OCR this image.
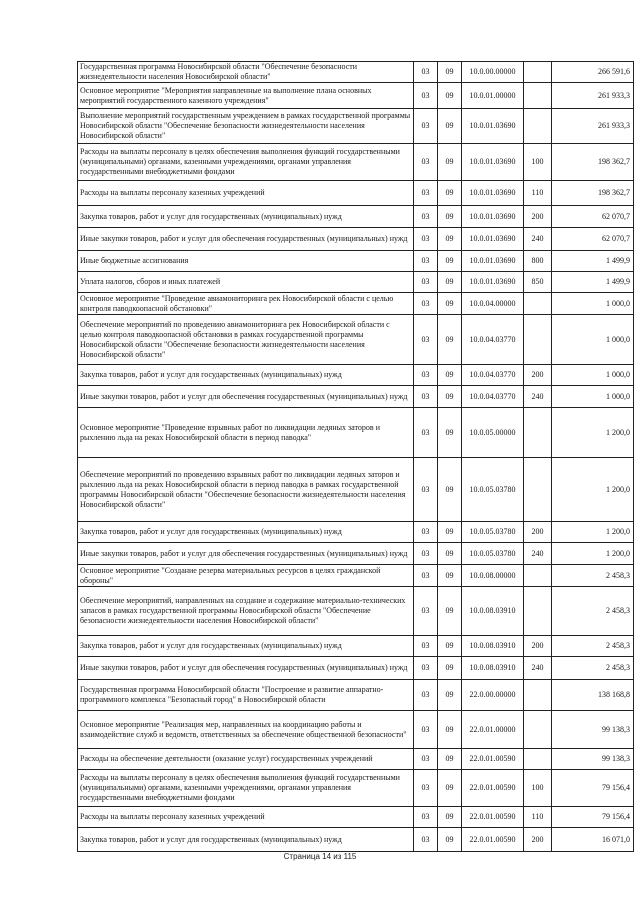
Государственная программа Новосибирской области "Обеспечение безопасности жизнедеятельности населения Новосибирской области"	03	09	10.0.00.00000		266 591,6
Основное мероприятие "Мероприятия направленные на выполнение плана основных мероприятий государственного казенного учреждения"	03	09	10.0.01.00000		261 933,3
Выполнение мероприятий государственным учреждением в рамках государственной программы Новосибирской области "Обеспечение безопасности жизнедеятельности населения Новосибирской области"	03	09	10.0.01.03690		261 933,3
Расходы на выплаты персоналу в целях обеспечения выполнения функций государственными (муниципальными) органами, казенными учреждениями, органами управления государственными внебюджетными фондами	03	09	10.0.01.03690	100	198 362,7
Расходы на выплаты персоналу казенных учреждений	03	09	10.0.01.03690	110	198 362,7
Закупка товаров, работ и услуг для государственных (муниципальных) нужд	03	09	10.0.01.03690	200	62 070,7
Иные закупки товаров, работ и услуг для обеспечения государственных (муниципальных) нужд	03	09	10.0.01.03690	240	62 070,7
Иные бюджетные ассигнования	03	09	10.0.01.03690	800	1 499,9
Уплата налогов, сборов и иных платежей	03	09	10.0.01.03690	850	1 499,9
Основное мероприятие "Проведение авиамониторинга рек Новосибирской области с целью контроля паводкоопасной обстановки"	03	09	10.0.04.00000		1 000,0
Обеспечение мероприятий по проведению авиамониторинга рек Новосибирской области с целью контроля паводкоопасной обстановки в рамках государственной программы Новосибирской области "Обеспечение безопасности жизнедеятельности населения Новосибирской области"	03	09	10.0.04.03770		1 000,0
Закупка товаров, работ и услуг для государственных (муниципальных) нужд	03	09	10.0.04.03770	200	1 000,0
Иные закупки товаров, работ и услуг для обеспечения государственных (муниципальных) нужд	03	09	10.0.04.03770	240	1 000,0
Основное мероприятие "Проведение взрывных работ по ликвидации ледяных заторов и рыхлению льда на реках Новосибирской области в период паводка"	03	09	10.0.05.00000		1 200,0
Обеспечение мероприятий по проведению взрывных работ по ликвидации ледяных заторов и рыхлению льда на реках Новосибирской области в период паводка в рамках государственной программы Новосибирской области "Обеспечение безопасности жизнедеятельности населения Новосибирской области"	03	09	10.0.05.03780		1 200,0
Закупка товаров, работ и услуг для государственных (муниципальных) нужд	03	09	10.0.05.03780	200	1 200,0
Иные закупки товаров, работ и услуг для обеспечения государственных (муниципальных) нужд	03	09	10.0.05.03780	240	1 200,0
Основное мероприятие "Создание резерва материальных ресурсов в целях гражданской обороны"	03	09	10.0.08.00000		2 458,3
Обеспечение мероприятий, направленных на создание и содержание материально-технических запасов в рамках государственной программы Новосибирской области "Обеспечение безопасности жизнедеятельности населения Новосибирской области"	03	09	10.0.08.03910		2 458,3
Закупка товаров, работ и услуг для государственных (муниципальных) нужд	03	09	10.0.08.03910	200	2 458,3
Иные закупки товаров, работ и услуг для обеспечения государственных (муниципальных) нужд	03	09	10.0.08.03910	240	2 458,3
Государственная программа Новосибирской области "Построение и развитие аппаратно-программного комплекса "Безопасный город" в Новосибирской области	03	09	22.0.00.00000		138 168,8
Основное мероприятие "Реализация мер, направленных на координацию работы и взаимодействие служб и ведомств, ответственных за обеспечение общественной безопасности"	03	09	22.0.01.00000		99 138,3
Расходы на обеспечение деятельности (оказание услуг) государственных учреждений	03	09	22.0.01.00590		99 138,3
Расходы на выплаты персоналу в целях обеспечения выполнения функций государственными (муниципальными) органами, казенными учреждениями, органами управления государственными внебюджетными фондами	03	09	22.0.01.00590	100	79 156,4
Расходы на выплаты персоналу казенных учреждений	03	09	22.0.01.00590	110	79 156,4
Закупка товаров, работ и услуг для государственных (муниципальных) нужд	03	09	22.0.01.00590	200	16 071,0
Страница 14 из 115
